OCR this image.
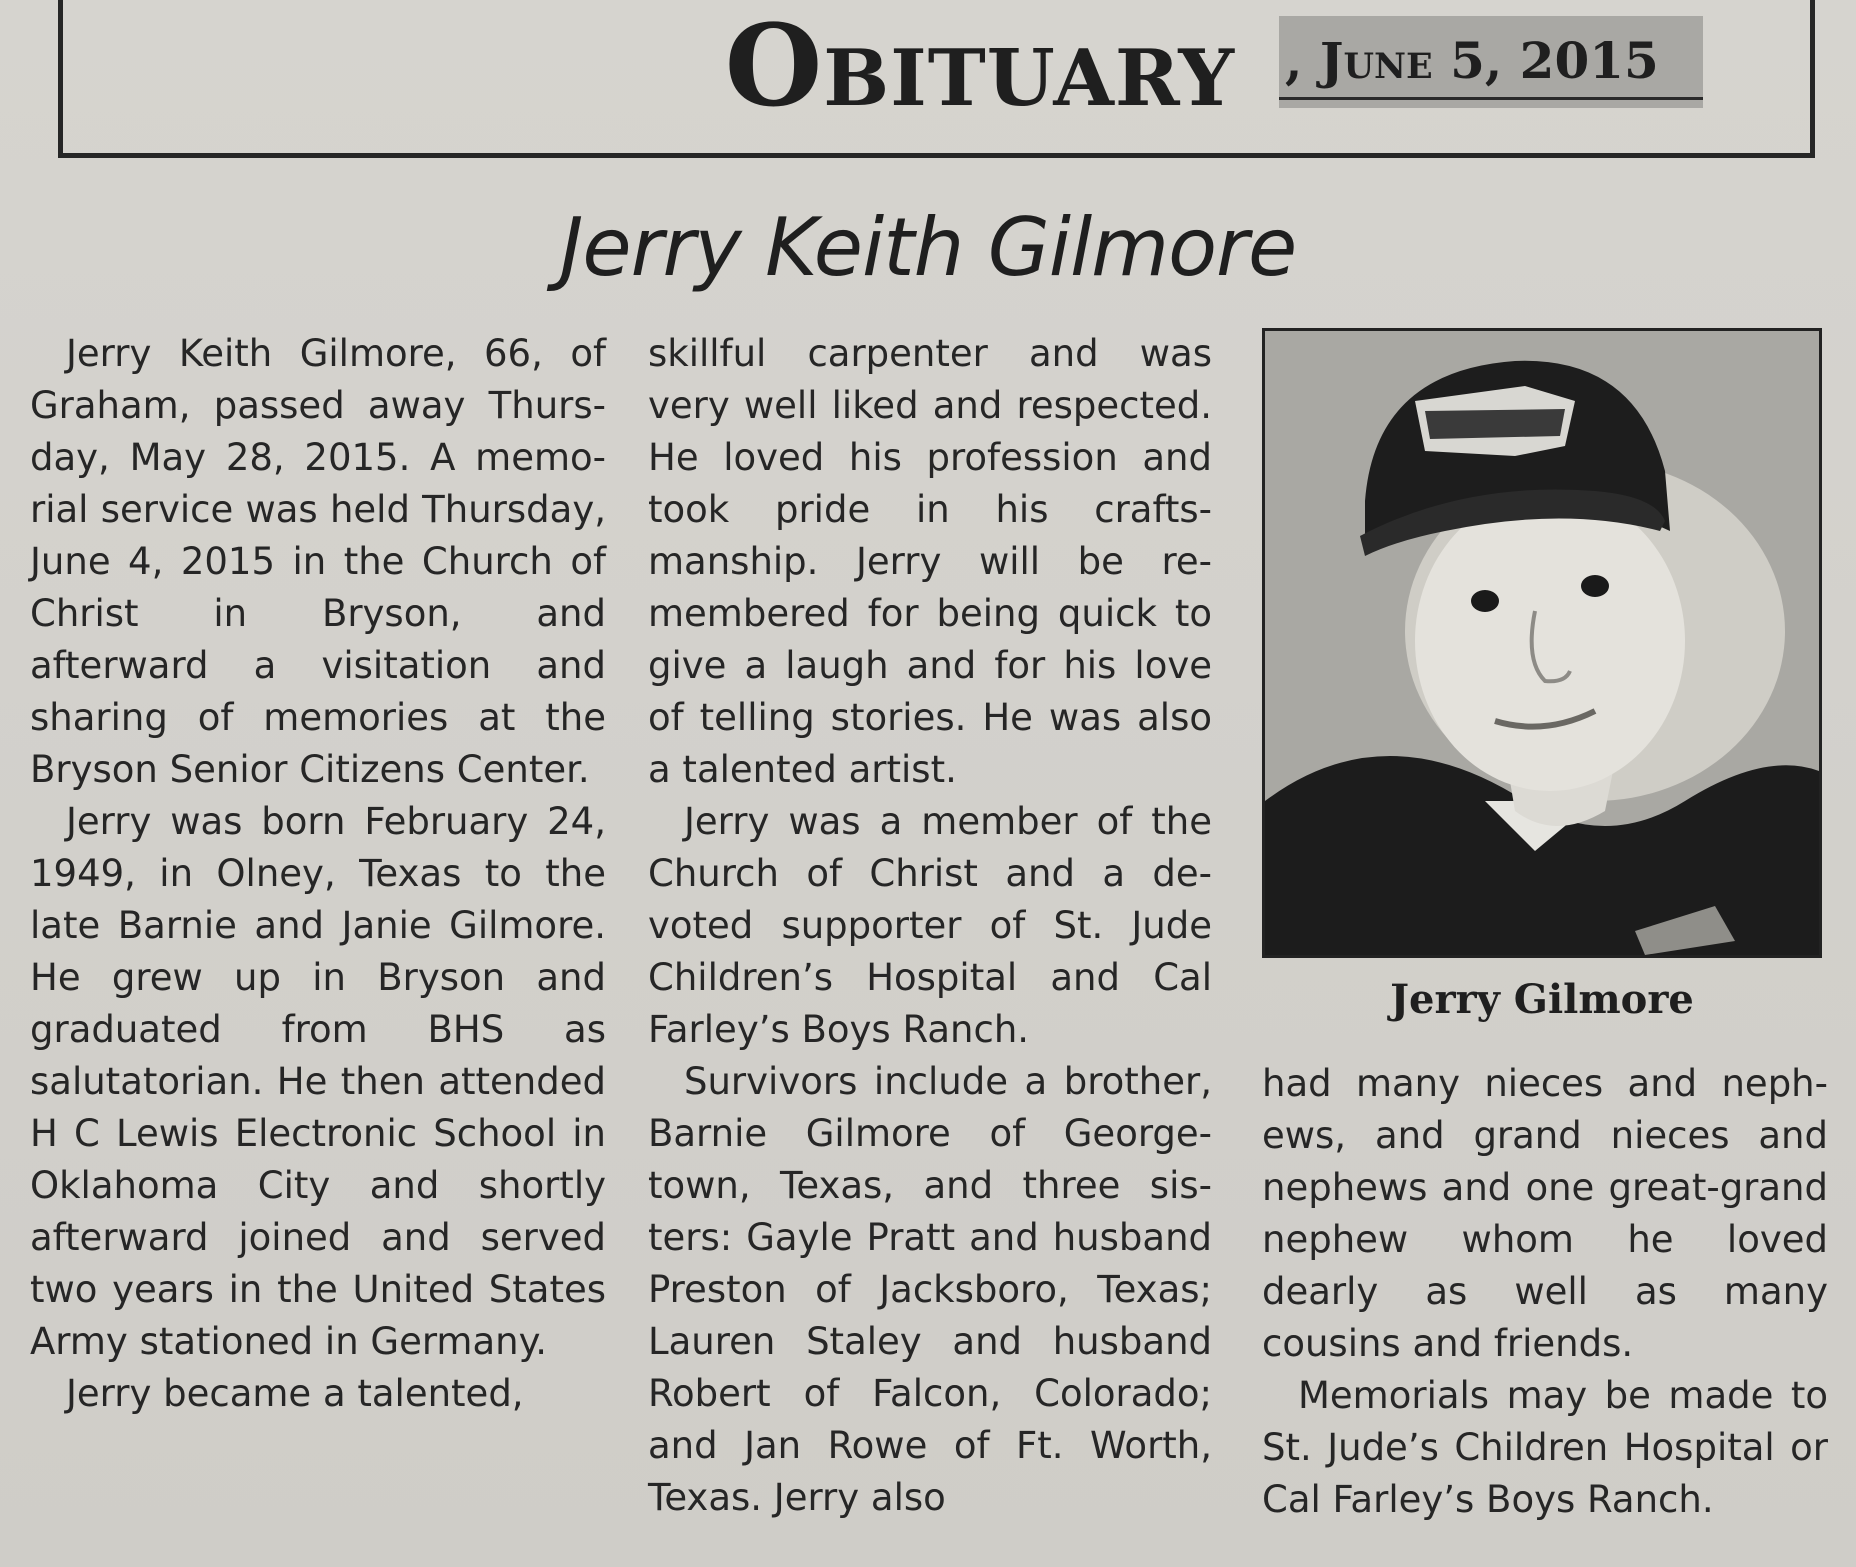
Obituary , June 5, 2015
Jerry Keith Gilmore

Jerry Keith Gilmore, 66, of Graham, passed away Thursday, May 28, 2015. A memorial service was held Thursday, June 4, 2015 in the Church of Christ in Bryson, and afterward a visitation and sharing of memories at the Bryson Senior Citizens Center.

Jerry was born February 24, 1949, in Olney, Texas to the late Barnie and Janie Gilmore. He grew up in Bryson and graduated from BHS as salutatorian. He then attended H C Lewis Electronic School in Oklahoma City and shortly afterward joined and served two years in the United States Army stationed in Germany.

Jerry became a talented,

skillful carpenter and was very well liked and respected. He loved his profession and took pride in his craftsmanship. Jerry will be remembered for being quick to give a laugh and for his love of telling stories. He was also a talented artist.

Jerry was a member of the Church of Christ and a devoted supporter of St. Jude Children’s Hospital and Cal Farley’s Boys Ranch.

Survivors include a brother, Barnie Gilmore of Georgetown, Texas, and three sisters: Gayle Pratt and husband Preston of Jacksboro, Texas; Lauren Staley and husband Robert of Falcon, Colorado; and Jan Rowe of Ft. Worth, Texas. Jerry also

Jerry Gilmore

had many nieces and nephews, and grand nieces and nephews and one great-grand nephew whom he loved dearly as well as many cousins and friends.

Memorials may be made to St. Jude’s Children Hospital or Cal Farley’s Boys Ranch.
